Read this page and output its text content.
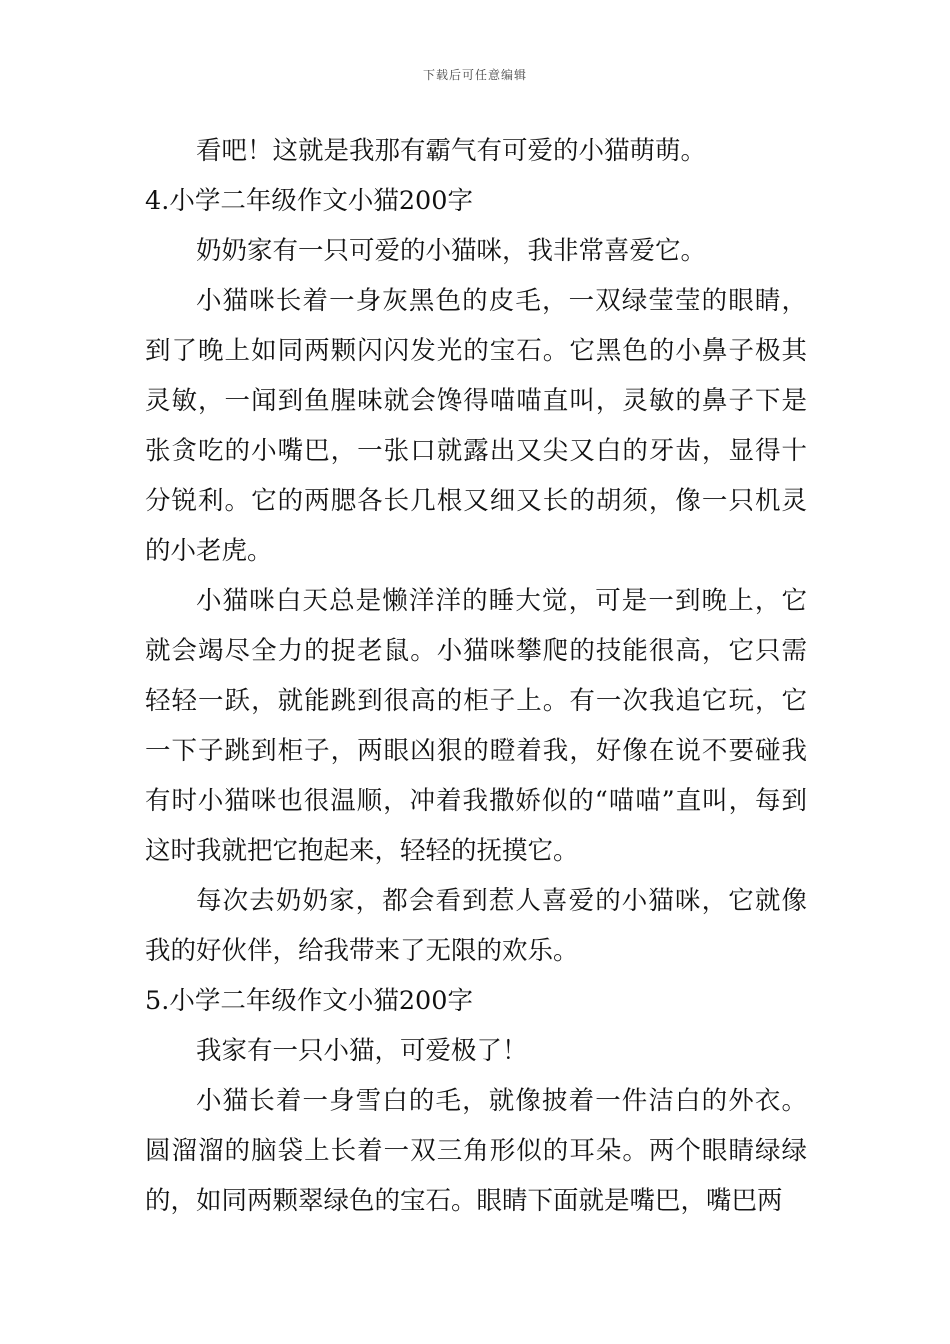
下载后可任意编辑

看吧！这就是我那有霸气有可爱的小猫萌萌。

4.小学二年级作文小猫200字

奶奶家有一只可爱的小猫咪，我非常喜爱它。

小猫咪长着一身灰黑色的皮毛，一双绿莹莹的眼睛，到了晚上如同两颗闪闪发光的宝石。它黑色的小鼻子极其灵敏，一闻到鱼腥味就会馋得喵喵直叫，灵敏的鼻子下是张贪吃的小嘴巴，一张口就露出又尖又白的牙齿，显得十分锐利。它的两腮各长几根又细又长的胡须，像一只机灵的小老虎。

小猫咪白天总是懒洋洋的睡大觉，可是一到晚上，它就会竭尽全力的捉老鼠。小猫咪攀爬的技能很高，它只需轻轻一跃，就能跳到很高的柜子上。有一次我追它玩，它一下子跳到柜子，两眼凶狠的瞪着我，好像在说不要碰我有时小猫咪也很温顺，冲着我撒娇似的“喵喵”直叫，每到这时我就把它抱起来，轻轻的抚摸它。

每次去奶奶家，都会看到惹人喜爱的小猫咪，它就像我的好伙伴，给我带来了无限的欢乐。

5.小学二年级作文小猫200字

我家有一只小猫，可爱极了！

小猫长着一身雪白的毛，就像披着一件洁白的外衣。圆溜溜的脑袋上长着一双三角形似的耳朵。两个眼睛绿绿的，如同两颗翠绿色的宝石。眼睛下面就是嘴巴，嘴巴两
